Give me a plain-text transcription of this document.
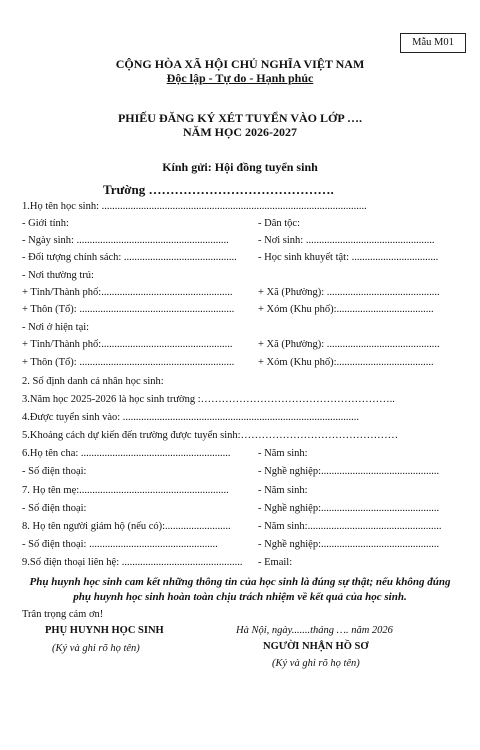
Mẫu M01
CỘNG HÒA XÃ HỘI CHỦ NGHĨA VIỆT NAM
Độc lập - Tự do - Hạnh phúc
PHIẾU ĐĂNG KÝ XÉT TUYỂN VÀO LỚP ….
NĂM HỌC 2026-2027
Kính gửi: Hội đồng tuyển sinh
Trường …………………………………….
1.Họ tên học sinh: .....................................................................................................
- Giới tính:	- Dân tộc:
- Ngày sinh: ..........................................................	- Nơi sinh: .................................................
- Đối tượng chính sách: ...........................................	- Học sinh khuyết tật: .................................
- Nơi thường trú:
+ Tỉnh/Thành phố:..................................................	+ Xã (Phường): ...........................................
+ Thôn (Tổ): ...........................................................	+ Xóm (Khu phố):.....................................
- Nơi ở hiện tại:
+ Tỉnh/Thành phố:..................................................	+ Xã (Phường): ...........................................
+ Thôn (Tổ): ...........................................................	+ Xóm (Khu phố):.....................................
2. Số định danh cá nhân học sinh:
3.Năm học 2025-2026 là học sinh trường :………………………………………………..
4.Được tuyển sinh vào: ..........................................................................................
5.Khoảng cách dự kiến đến trường được tuyển sinh:………………………………………
6.Họ tên cha: .........................................................	- Năm sinh:
- Số điện thoại:	- Nghề nghiệp:.............................................
7. Họ tên mẹ:.........................................................	- Năm sinh:
- Số điện thoại:	- Nghề nghiệp:.............................................
8. Họ tên người giám hộ (nếu có):.........................	- Năm sinh:...................................................
- Số điện thoại: .................................................	- Nghề nghiệp:.............................................
9.Số điện thoại liên hệ: ..............................................	- Email:
Phụ huynh học sinh cam kết những thông tin của học sinh là đúng sự thật; nếu không đúng
phụ huynh học sinh hoàn toàn chịu trách nhiệm về kết quả của học sinh.
Trân trọng cảm ơn!
PHỤ HUYNH HỌC SINH
(Ký và ghi rõ họ tên)
Hà Nội, ngày.......tháng …. năm 2026
NGƯỜI NHẬN HỒ SƠ
(Ký và ghi rõ họ tên)
